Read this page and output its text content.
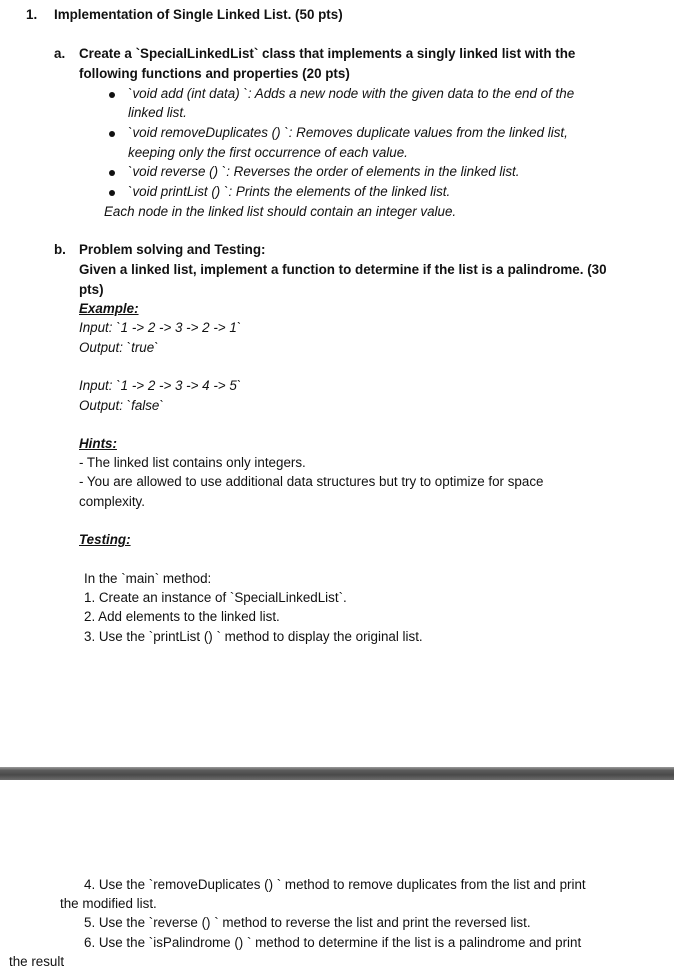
1. Implementation of Single Linked List. (50 pts)
a. Create a `SpecialLinkedList` class that implements a singly linked list with the
following functions and properties (20 pts)
`void add (int data) `: Adds a new node with the given data to the end of the
linked list.
`void removeDuplicates () `: Removes duplicate values from the linked list,
keeping only the first occurrence of each value.
`void reverse () `: Reverses the order of elements in the linked list.
`void printList () `: Prints the elements of the linked list.
Each node in the linked list should contain an integer value.
b. Problem solving and Testing:
Given a linked list, implement a function to determine if the list is a palindrome. (30
pts)
Example:
Input: `1 -> 2 -> 3 -> 2 -> 1`
Output: `true`
Input: `1 -> 2 -> 3 -> 4 -> 5`
Output: `false`
Hints:
- The linked list contains only integers.
- You are allowed to use additional data structures but try to optimize for space
complexity.
Testing:
In the `main` method:
1. Create an instance of `SpecialLinkedList`.
2. Add elements to the linked list.
3. Use the `printList () ` method to display the original list.
4. Use the `removeDuplicates () ` method to remove duplicates from the list and print
the modified list.
5. Use the `reverse () ` method to reverse the list and print the reversed list.
6. Use the `isPalindrome () ` method to determine if the list is a palindrome and print
the result
